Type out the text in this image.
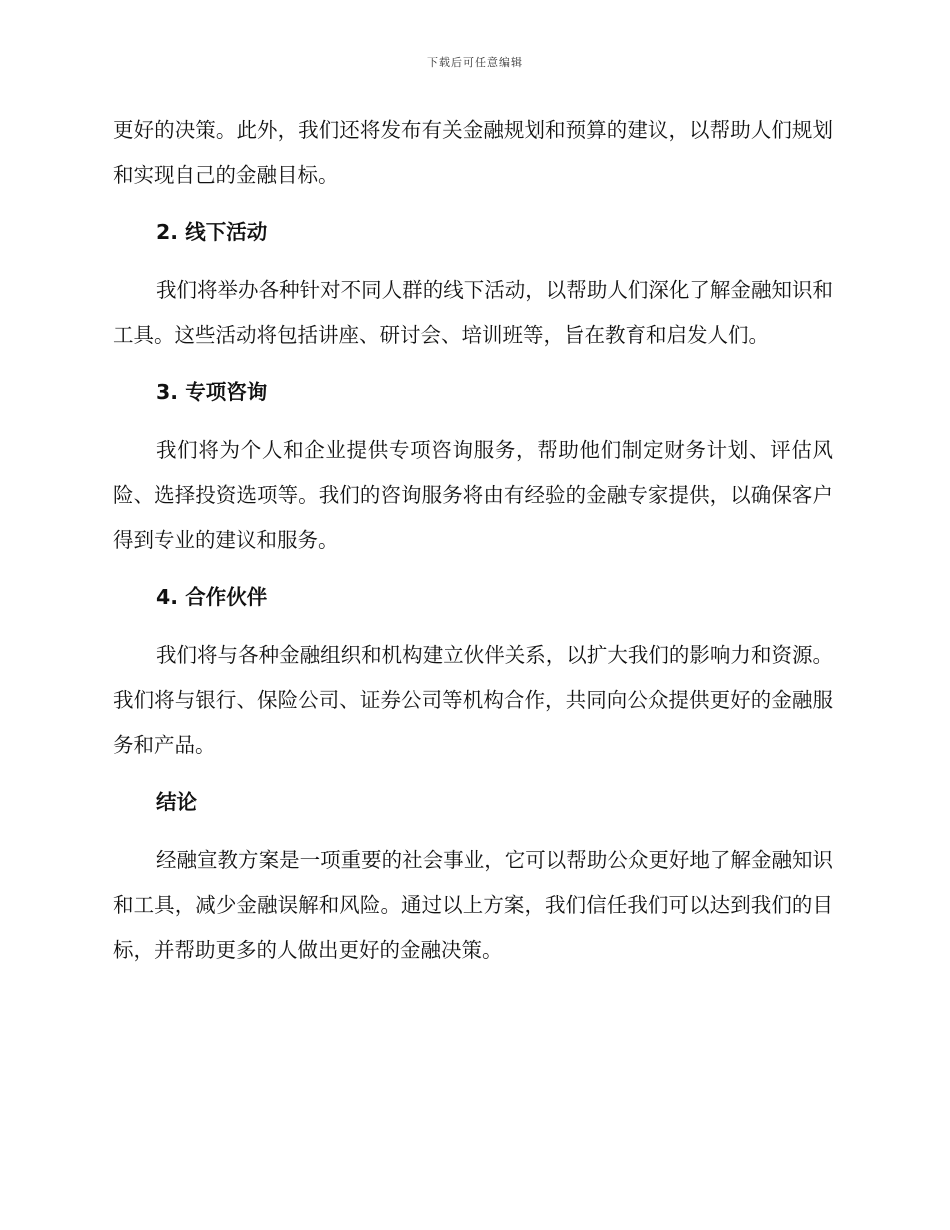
下载后可任意编辑

更好的决策。此外，我们还将发布有关金融规划和预算的建议，以帮助人们规划和实现自己的金融目标。

2. 线下活动

我们将举办各种针对不同人群的线下活动，以帮助人们深化了解金融知识和工具。这些活动将包括讲座、研讨会、培训班等，旨在教育和启发人们。

3. 专项咨询

我们将为个人和企业提供专项咨询服务，帮助他们制定财务计划、评估风险、选择投资选项等。我们的咨询服务将由有经验的金融专家提供，以确保客户得到专业的建议和服务。

4. 合作伙伴

我们将与各种金融组织和机构建立伙伴关系，以扩大我们的影响力和资源。我们将与银行、保险公司、证券公司等机构合作，共同向公众提供更好的金融服务和产品。

结论

经融宣教方案是一项重要的社会事业，它可以帮助公众更好地了解金融知识和工具，减少金融误解和风险。通过以上方案，我们信任我们可以达到我们的目标，并帮助更多的人做出更好的金融决策。
